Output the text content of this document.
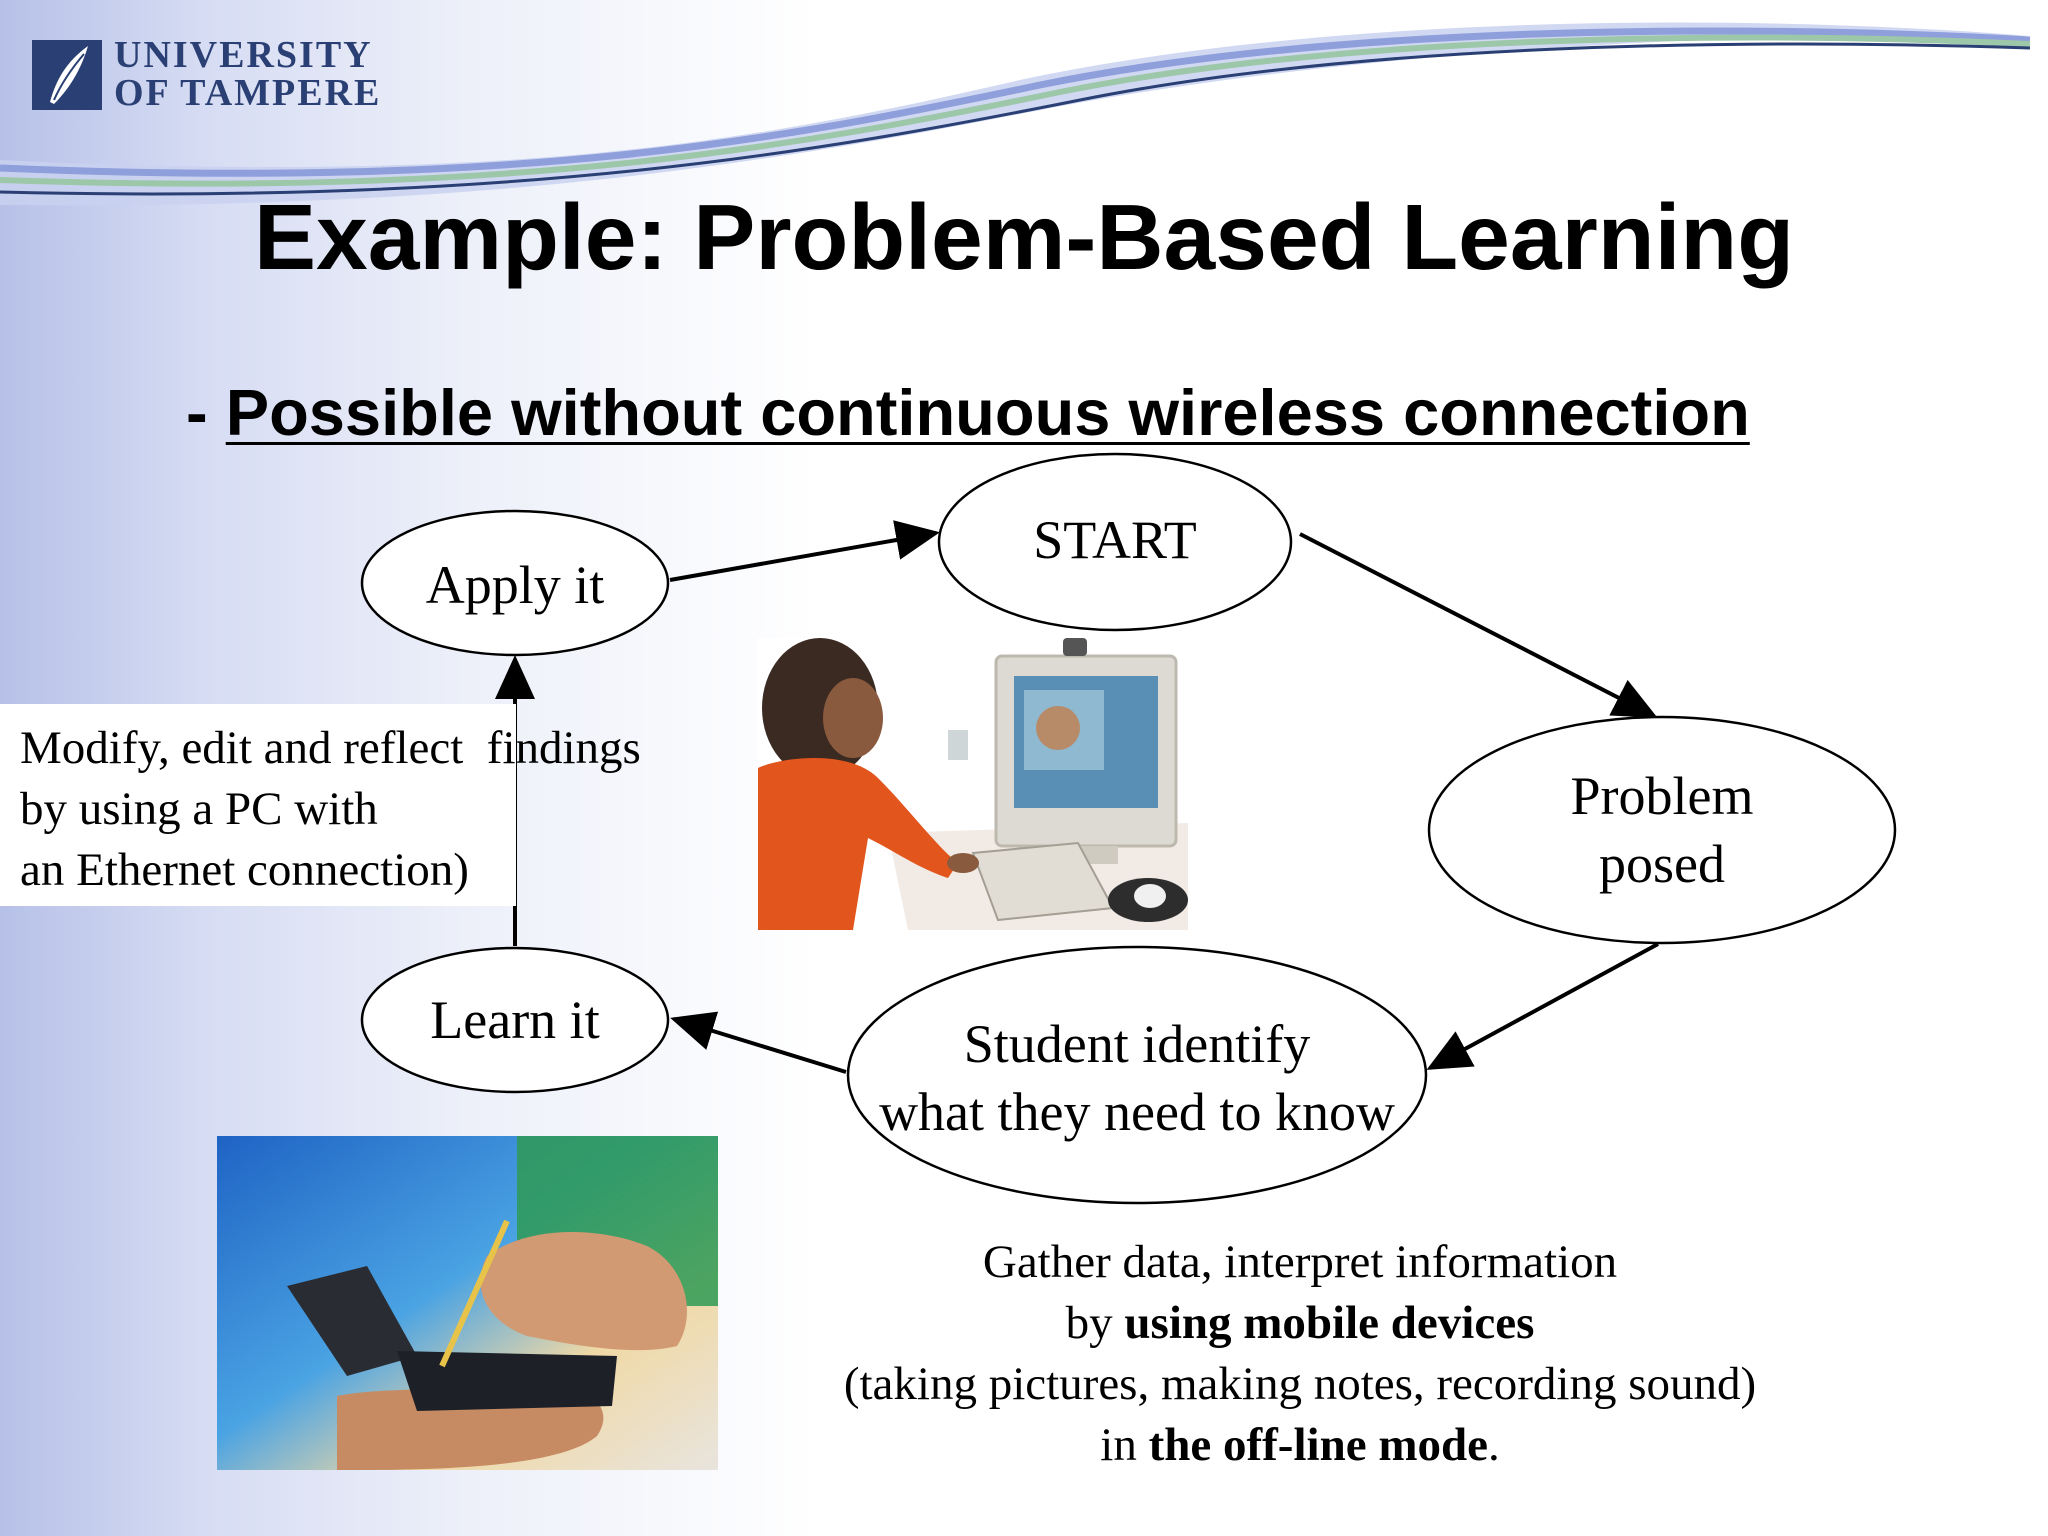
UNIVERSITY
OF TAMPERE
Example: Problem-Based Learning
- Possible without continuous wireless connection
START
Problem
posed
Student identify
what they need to know
Learn it
Apply it
Modify, edit and reflect  findings
by using a PC with
an Ethernet connection)
Gather data, interpret information
by using mobile devices
(taking pictures, making notes, recording sound)
in the off-line mode.
